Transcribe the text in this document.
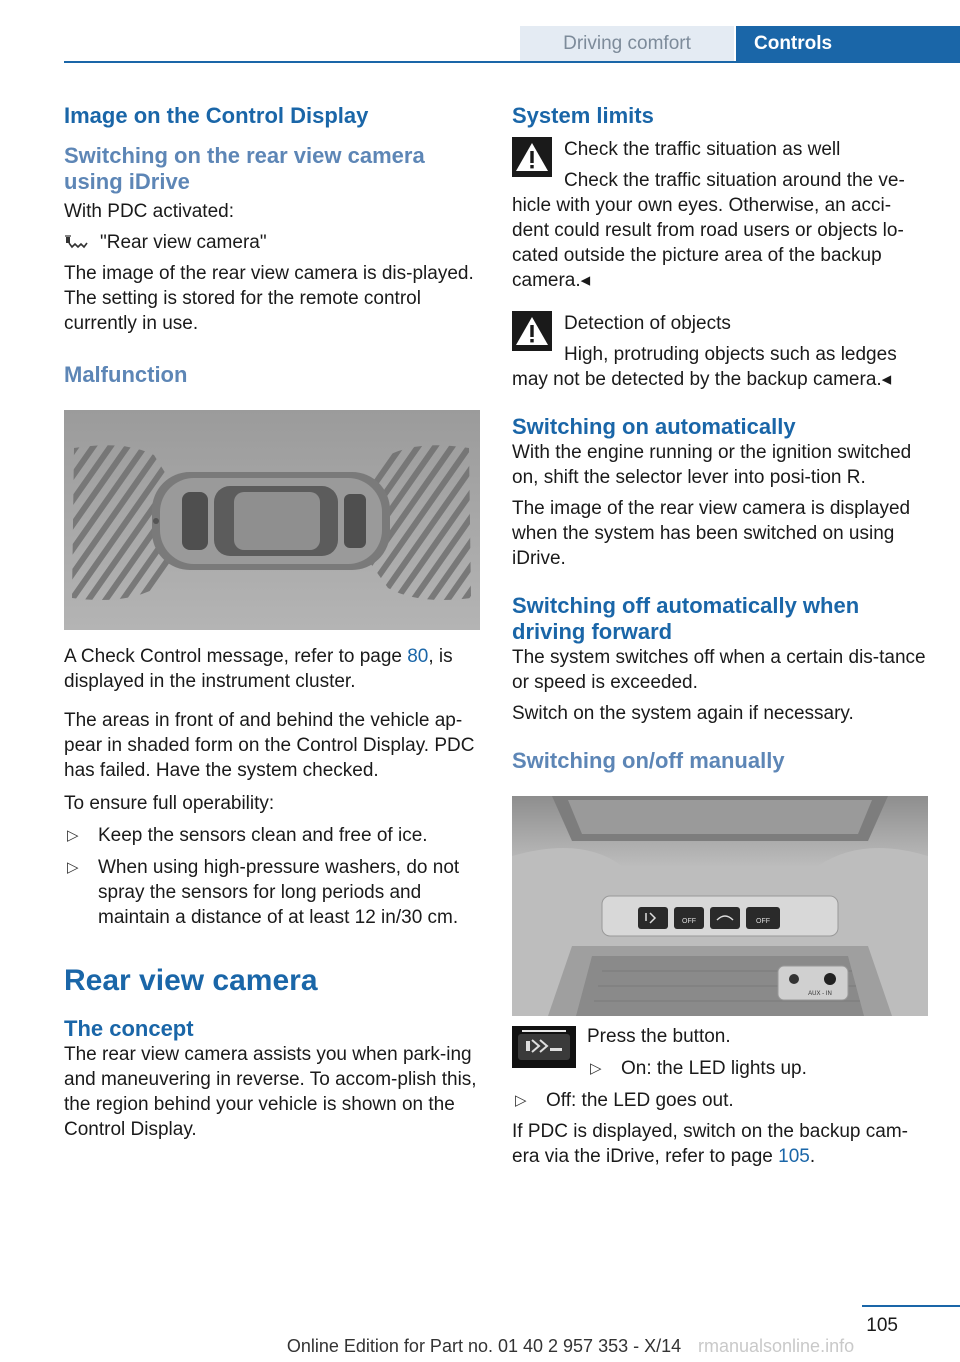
Driving comfort	Controls
Image on the Control Display
Switching on the rear view camera using iDrive

With PDC activated:

"Rear view camera"

The image of the rear view camera is dis-played. The setting is stored for the remote control currently in use.

Malfunction

A Check Control message, refer to page 80, is displayed in the instrument cluster.

The areas in front of and behind the vehicle ap-pear in shaded form on the Control Display. PDC has failed. Have the system checked.

To ensure full operability:

▷ Keep the sensors clean and free of ice.
▷ When using high-pressure washers, do not spray the sensors for long periods and maintain a distance of at least 12 in/30 cm.
Rear view camera
The concept

The rear view camera assists you when park-ing and maneuvering in reverse. To accom-plish this, the region behind your vehicle is shown on the Control Display.

System limits

Check the traffic situation as well

Check the traffic situation around the ve-hicle with your own eyes. Otherwise, an acci-dent could result from road users or objects lo-cated outside the picture area of the backup camera.◂

Detection of objects

High, protruding objects such as ledges may not be detected by the backup camera.◂

Switching on automatically

With the engine running or the ignition switched on, shift the selector lever into posi-tion R.

The image of the rear view camera is displayed when the system has been switched on using iDrive.

Switching off automatically when driving forward

The system switches off when a certain dis-tance or speed is exceeded.

Switch on the system again if necessary.

Switching on/off manually
OFF	OFF
AUX - IN

Press the button.

▷ On: the LED lights up.
▷ Off: the LED goes out.

If PDC is displayed, switch on the backup cam-era via the iDrive, refer to page 105.

105
Online Edition for Part no. 01 40 2 957 353 - X/14 rmanualsonline.info
